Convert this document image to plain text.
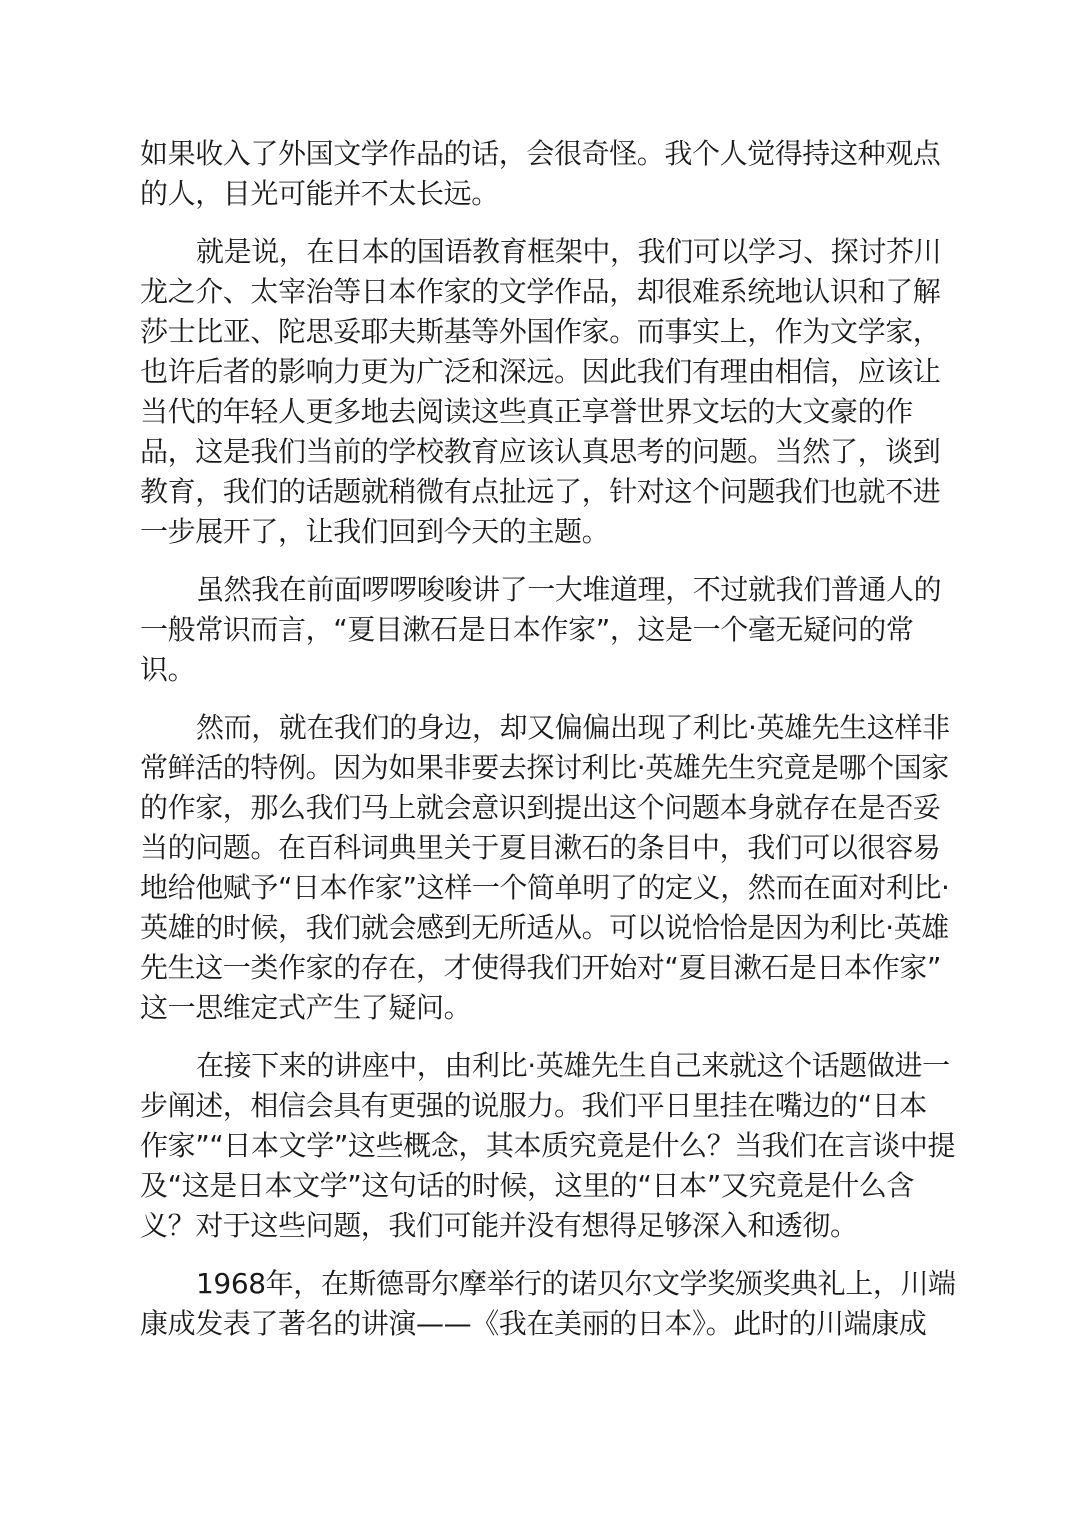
如果收入了外国文学作品的话，会很奇怪。我个人觉得持这种观点
的人，目光可能并不太长远。
就是说，在日本的国语教育框架中，我们可以学习、探讨芥川
龙之介、太宰治等日本作家的文学作品，却很难系统地认识和了解
莎士比亚、陀思妥耶夫斯基等外国作家。而事实上，作为文学家，
也许后者的影响力更为广泛和深远。因此我们有理由相信，应该让
当代的年轻人更多地去阅读这些真正享誉世界文坛的大文豪的作
品，这是我们当前的学校教育应该认真思考的问题。当然了，谈到
教育，我们的话题就稍微有点扯远了，针对这个问题我们也就不进
一步展开了，让我们回到今天的主题。
虽然我在前面啰啰唆唆讲了一大堆道理，不过就我们普通人的
一般常识而言，“夏目漱石是日本作家”，这是一个毫无疑问的常
识。
然而，就在我们的身边，却又偏偏出现了利比·英雄先生这样非
常鲜活的特例。因为如果非要去探讨利比·英雄先生究竟是哪个国家
的作家，那么我们马上就会意识到提出这个问题本身就存在是否妥
当的问题。在百科词典里关于夏目漱石的条目中，我们可以很容易
地给他赋予“日本作家”这样一个简单明了的定义，然而在面对利比·
英雄的时候，我们就会感到无所适从。可以说恰恰是因为利比·英雄
先生这一类作家的存在，才使得我们开始对“夏目漱石是日本作家”
这一思维定式产生了疑问。
在接下来的讲座中，由利比·英雄先生自己来就这个话题做进一
步阐述，相信会具有更强的说服力。我们平日里挂在嘴边的“日本
作家”“日本文学”这些概念，其本质究竟是什么？当我们在言谈中提
及“这是日本文学”这句话的时候，这里的“日本”又究竟是什么含
义？对于这些问题，我们可能并没有想得足够深入和透彻。
1968年，在斯德哥尔摩举行的诺贝尔文学奖颁奖典礼上，川端
康成发表了著名的讲演——《我在美丽的日本》。此时的川端康成
